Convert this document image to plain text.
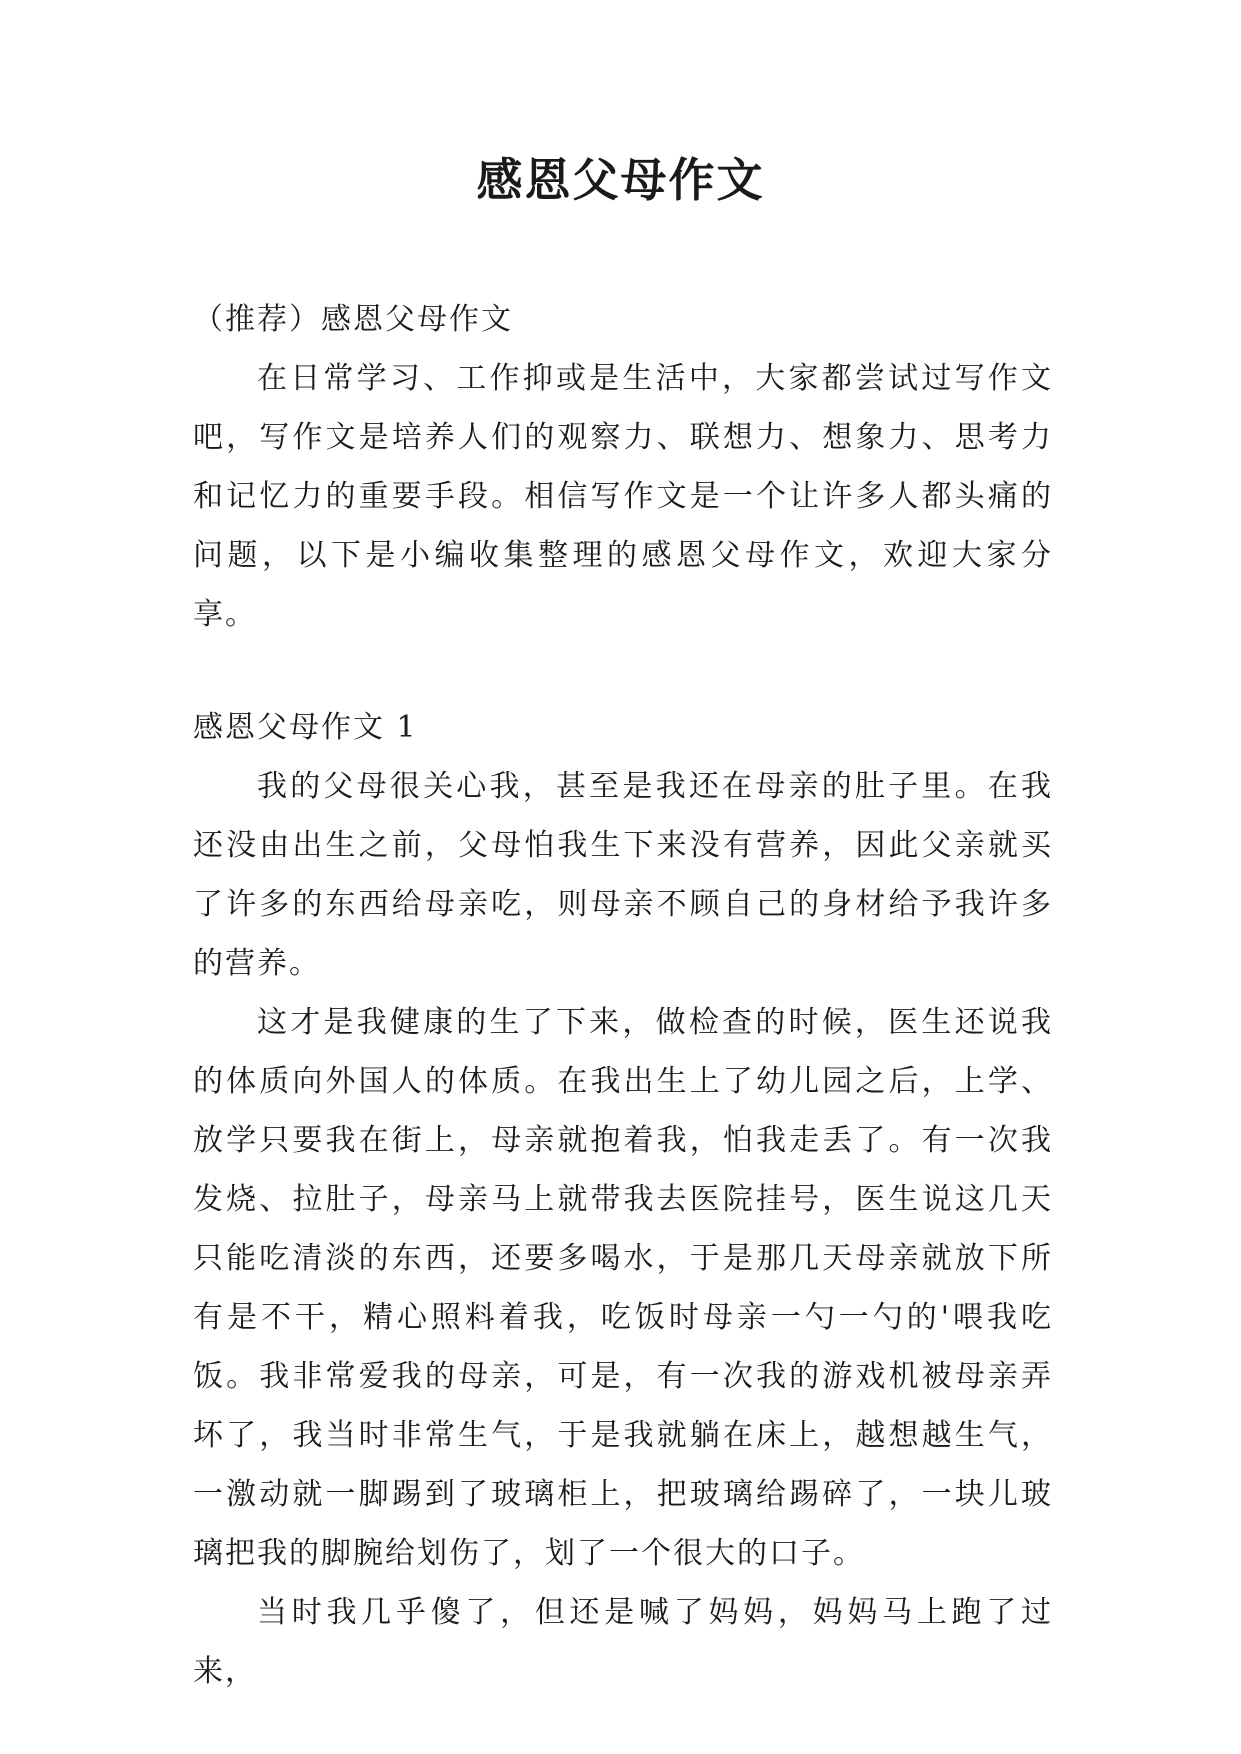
感恩父母作文

（推荐）感恩父母作文

在日常学习、工作抑或是生活中，大家都尝试过写作文吧，写作文是培养人们的观察力、联想力、想象力、思考力和记忆力的重要手段。相信写作文是一个让许多人都头痛的问题，以下是小编收集整理的感恩父母作文，欢迎大家分享。

感恩父母作文 1

我的父母很关心我，甚至是我还在母亲的肚子里。在我还没由出生之前，父母怕我生下来没有营养，因此父亲就买了许多的东西给母亲吃，则母亲不顾自己的身材给予我许多的营养。

这才是我健康的生了下来，做检查的时候，医生还说我的体质向外国人的体质。在我出生上了幼儿园之后，上学、放学只要我在街上，母亲就抱着我，怕我走丢了。有一次我发烧、拉肚子，母亲马上就带我去医院挂号，医生说这几天只能吃清淡的东西，还要多喝水，于是那几天母亲就放下所有是不干，精心照料着我，吃饭时母亲一勺一勺的'喂我吃饭。我非常爱我的母亲，可是，有一次我的游戏机被母亲弄坏了，我当时非常生气，于是我就躺在床上，越想越生气，一激动就一脚踢到了玻璃柜上，把玻璃给踢碎了，一块儿玻璃把我的脚腕给划伤了，划了一个很大的口子。

当时我几乎傻了，但还是喊了妈妈，妈妈马上跑了过来，
